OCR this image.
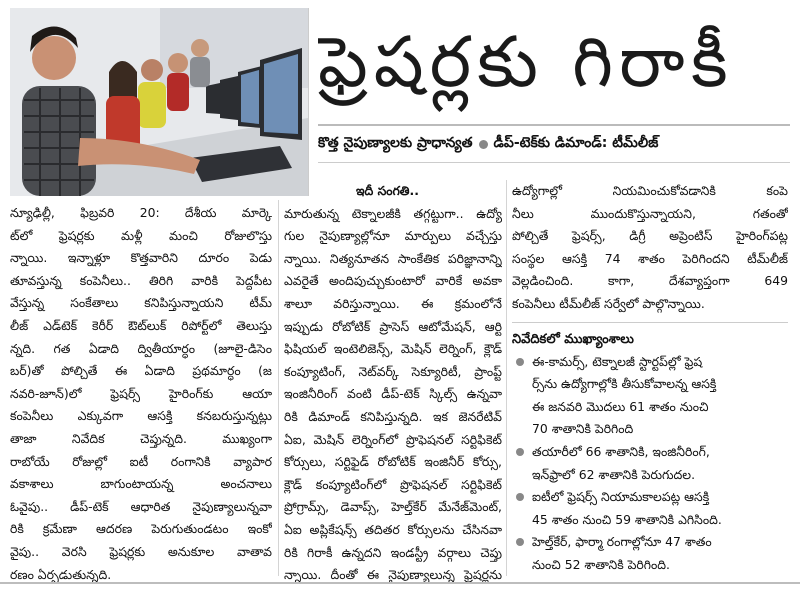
ఫ్రెషర్లకు గిరాకీ
కొత్త నైపుణ్యాలకు ప్రాధాన్యత డీప్‌-టెక్‌కు డిమాండ్‌: టీమ్‌లీజ్‌
న్యూఢిల్లీ, ఫిబ్రవరి 20: దేశీయ మార్కె
ట్‌లో ఫ్రెషర్లకు మళ్లీ మంచి రోజులొస్తు
న్నాయి. ఇన్నాళ్లూ కొత్తవారిని దూరం పెడు
తూవస్తున్న కంపెనీలు.. తిరిగి వారికి పెద్దపీట
వేస్తున్న సంకేతాలు కనిపిస్తున్నాయని టీమ్‌
లీజ్‌ ఎడ్‌టెక్‌ కెరీర్‌ ఔట్‌లుక్‌ రిపోర్ట్‌లో తెలుస్తు
న్నది. గత ఏడాది ద్వితీయార్ధం (జూలై-డిసెం
బర్‌)తో పోల్చితే ఈ ఏడాది ప్రథమార్ధం (జ
నవరి-జూన్‌)లో ఫ్రెషర్స్‌ హైరింగ్‌కు ఆయా
కంపెనీలు ఎక్కువగా ఆసక్తి కనబరుస్తున్నట్లు
తాజా నివేదిక చెప్తున్నది. ముఖ్యంగా
రాబోయే రోజుల్లో ఐటీ రంగానికి వ్యాపార
వకాశాలు బాగుంటాయన్న అంచనాలు
ఓవైపు.. డీప్‌-టెక్‌ ఆధారిత నైపుణ్యాలున్నవా
రికి క్రమేణా ఆదరణ పెరుగుతుండటం ఇంకో
వైపు.. వెరసి ఫ్రెషర్లకు అనుకూల వాతావ
రణం ఏర్పడుతున్నది.
ఇదీ సంగతి..
మారుతున్న టెక్నాలజీకి తగ్గట్టుగా.. ఉద్యో
గుల నైపుణ్యాల్లోనూ మార్పులు వచ్చేస్తు
న్నాయి. నిత్యనూతన సాంకేతిక పరిజ్ఞానాన్ని
ఎవరైతే అందిపుచ్చుకుంటారో వారికే అవకా
శాలూ వరిస్తున్నాయి. ఈ క్రమంలోనే
ఇప్పుడు రోబోటిక్‌ ప్రాసెస్‌ ఆటోమేషన్‌, ఆర్టి
ఫిషియల్‌ ఇంటెలిజెన్స్‌, మెషిన్‌ లెర్నింగ్‌, క్లౌడ్‌
కంప్యూటింగ్‌, నెట్‌వర్క్‌ సెక్యూరిటీ, ప్రాంప్ట్‌
ఇంజినీరింగ్‌ వంటి డీప్‌-టెక్‌ స్కిల్స్‌ ఉన్నవా
రికి డిమాండ్‌ కనిపిస్తున్నది. ఇక జెనరేటివ్‌
ఏఐ, మెషిన్‌ లెర్నింగ్‌లో ప్రొఫెషనల్‌ సర్టిఫికెట్‌
కోర్సులు, సర్టిఫైడ్‌ రోబోటిక్‌ ఇంజినీర్‌ కోర్సు,
క్లౌడ్‌ కంప్యూటింగ్‌లో ప్రొఫెషనల్‌ సర్టిఫికెట్‌
ప్రోగ్రామ్స్‌, డెవాప్స్‌, హెల్త్‌కేర్‌ మేనేజ్‌మెంట్‌,
ఏఐ అప్లికేషన్స్‌ తదితర కోర్సులను చేసినవా
రికి గిరాకీ ఉన్నదని ఇండస్ట్రీ వర్గాలు చెప్తు
న్నాయి. దీంతో ఈ నైపుణ్యాలున్న ఫ్రెషర్లను
ఉద్యోగాల్లో నియమించుకోవడానికి కంపె
నీలు ముందుకొస్తున్నాయని, గతంతో
పోల్చితే ఫ్రెషర్స్‌, డిగ్రీ అప్రెంటిస్‌ హైరింగ్‌పట్ల
సంస్థల ఆసక్తి 74 శాతం పెరిగిందని టీమ్‌లీజ్‌
వెల్లడించింది. కాగా, దేశవ్యాప్తంగా 649
కంపెనీలు టీమ్‌లీజ్‌ సర్వేలో పాల్గొన్నాయి.
నివేదికలో ముఖ్యాంశాలు
ఈ-కామర్స్‌, టెక్నాలజీ స్టార్టప్‌ల్లో ఫ్రెష
ర్స్‌ను ఉద్యోగాల్లోకి తీసుకోవాలన్న ఆసక్తి
ఈ జనవరి మొదలు 61 శాతం నుంచి
70 శాతానికి పెరిగింది
తయారీలో 66 శాతానికి, ఇంజినీరింగ్‌,
ఇన్‌ఫ్రాలో 62 శాతానికి పెరుగుదల.
ఐటీలో ఫ్రెషర్స్‌ నియామకాలపట్ల ఆసక్తి
45 శాతం నుంచి 59 శాతానికి ఎగిసింది.
హెల్త్‌కేర్‌, ఫార్మా రంగాల్లోనూ 47 శాతం
నుంచి 52 శాతానికి పెరిగింది.
